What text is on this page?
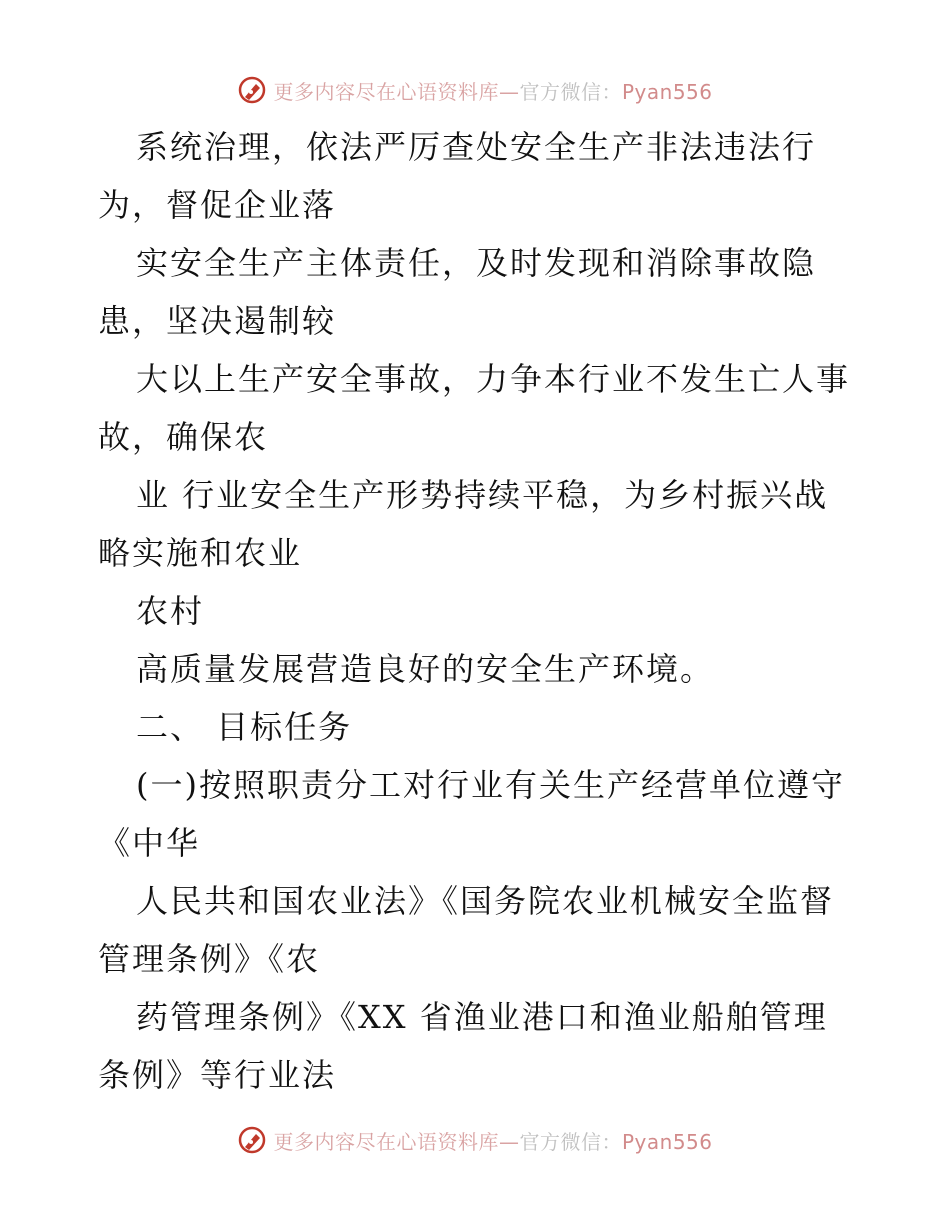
更多内容尽在心语资料库—官方微信：Pyan556
系统治理，依法严厉查处安全生产非法违法行
为，督促企业落
实安全生产主体责任，及时发现和消除事故隐
患，坚决遏制较
大以上生产安全事故，力争本行业不发生亡人事
故，确保农
业 行业安全生产形势持续平稳，为乡村振兴战
略实施和农业
农村
高质量发展营造良好的安全生产环境。
二、 目标任务
(一)按照职责分工对行业有关生产经营单位遵守
《中华
人民共和国农业法》《国务院农业机械安全监督
管理条例》《农
药管理条例》《XX 省渔业港口和渔业船舶管理
条例》等行业法
更多内容尽在心语资料库—官方微信：Pyan556
